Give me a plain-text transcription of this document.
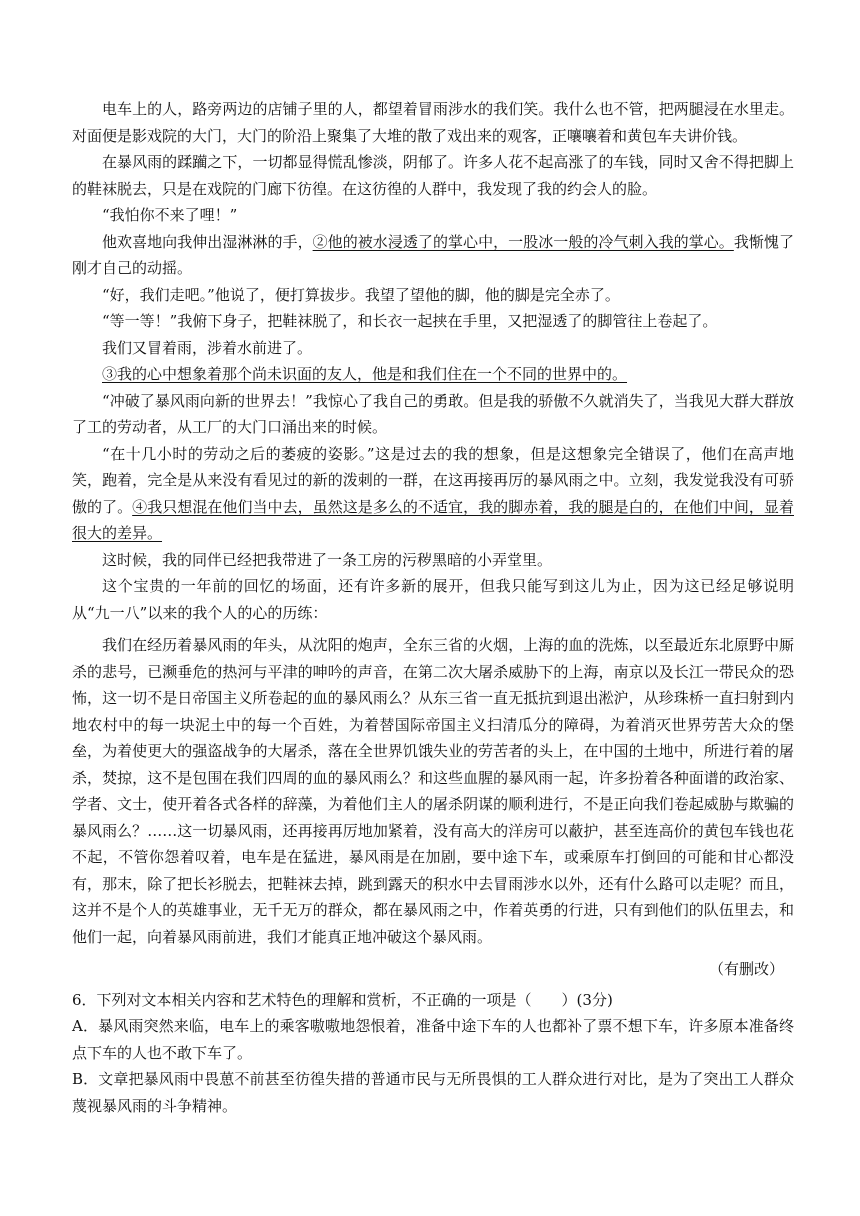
电车上的人，路旁两边的店铺子里的人，都望着冒雨涉水的我们笑。我什么也不管，把两腿浸在水里走。对面便是影戏院的大门，大门的阶沿上聚集了大堆的散了戏出来的观客，正嚷嚷着和黄包车夫讲价钱。

在暴风雨的蹂躏之下，一切都显得慌乱惨淡，阴郁了。许多人花不起高涨了的车钱，同时又舍不得把脚上的鞋袜脱去，只是在戏院的门廊下彷徨。在这彷徨的人群中，我发现了我的约会人的脸。

“我怕你不来了哩！”

他欢喜地向我伸出湿淋淋的手，②他的被水浸透了的掌心中，一股冰一般的冷气刺入我的掌心。我惭愧了刚才自己的动摇。

“好，我们走吧。”他说了，便打算拔步。我望了望他的脚，他的脚是完全赤了。

“等一等！”我俯下身子，把鞋袜脱了，和长衣一起挟在手里，又把湿透了的脚管往上卷起了。

我们又冒着雨，涉着水前进了。

③我的心中想象着那个尚未识面的友人，他是和我们住在一个不同的世界中的。

“冲破了暴风雨向新的世界去！”我惊心了我自己的勇敢。但是我的骄傲不久就消失了，当我见大群大群放了工的劳动者，从工厂的大门口涌出来的时候。

“在十几小时的劳动之后的萎疲的姿影。”这是过去的我的想象，但是这想象完全错误了，他们在高声地笑，跑着，完全是从来没有看见过的新的泼刺的一群，在这再接再厉的暴风雨之中。立刻，我发觉我没有可骄傲的了。④我只想混在他们当中去，虽然这是多么的不适宜，我的脚赤着，我的腿是白的，在他们中间，显着很大的差异。

这时候，我的同伴已经把我带进了一条工房的污秽黑暗的小弄堂里。

这个宝贵的一年前的回忆的场面，还有许多新的展开，但我只能写到这儿为止，因为这已经足够说明从“九一八”以来的我个人的心的历练：

我们在经历着暴风雨的年头，从沈阳的炮声，全东三省的火烟，上海的血的洗炼，以至最近东北原野中厮杀的悲号，已濒垂危的热河与平津的呻吟的声音，在第二次大屠杀威胁下的上海，南京以及长江一带民众的恐怖，这一切不是日帝国主义所卷起的血的暴风雨么？从东三省一直无抵抗到退出淞沪，从珍珠桥一直扫射到内地农村中的每一块泥土中的每一个百姓，为着替国际帝国主义扫清瓜分的障碍，为着消灭世界劳苦大众的堡垒，为着使更大的强盗战争的大屠杀，落在全世界饥饿失业的劳苦者的头上，在中国的土地中，所进行着的屠杀，焚掠，这不是包围在我们四周的血的暴风雨么？和这些血腥的暴风雨一起，许多扮着各种面谱的政治家、学者、文士，使开着各式各样的辞藻，为着他们主人的屠杀阴谋的顺利进行，不是正向我们卷起威胁与欺骗的暴风雨么？……这一切暴风雨，还再接再厉地加紧着，没有高大的洋房可以蔽护，甚至连高价的黄包车钱也花不起，不管你怨着叹着，电车是在猛进，暴风雨是在加剧，要中途下车，或乘原车打倒回的可能和甘心都没有，那末，除了把长衫脱去，把鞋袜去掉，跳到露天的积水中去冒雨涉水以外，还有什么路可以走呢？而且，这并不是个人的英雄事业，无千无万的群众，都在暴风雨之中，作着英勇的行进，只有到他们的队伍里去，和他们一起，向着暴风雨前进，我们才能真正地冲破这个暴风雨。

（有删改）

6．下列对文本相关内容和艺术特色的理解和赏析，不正确的一项是（　　）(3分)

A．暴风雨突然来临，电车上的乘客嗷嗷地怨恨着，准备中途下车的人也都补了票不想下车，许多原本准备终点下车的人也不敢下车了。

B．文章把暴风雨中畏葸不前甚至彷徨失措的普通市民与无所畏惧的工人群众进行对比，是为了突出工人群众蔑视暴风雨的斗争精神。
